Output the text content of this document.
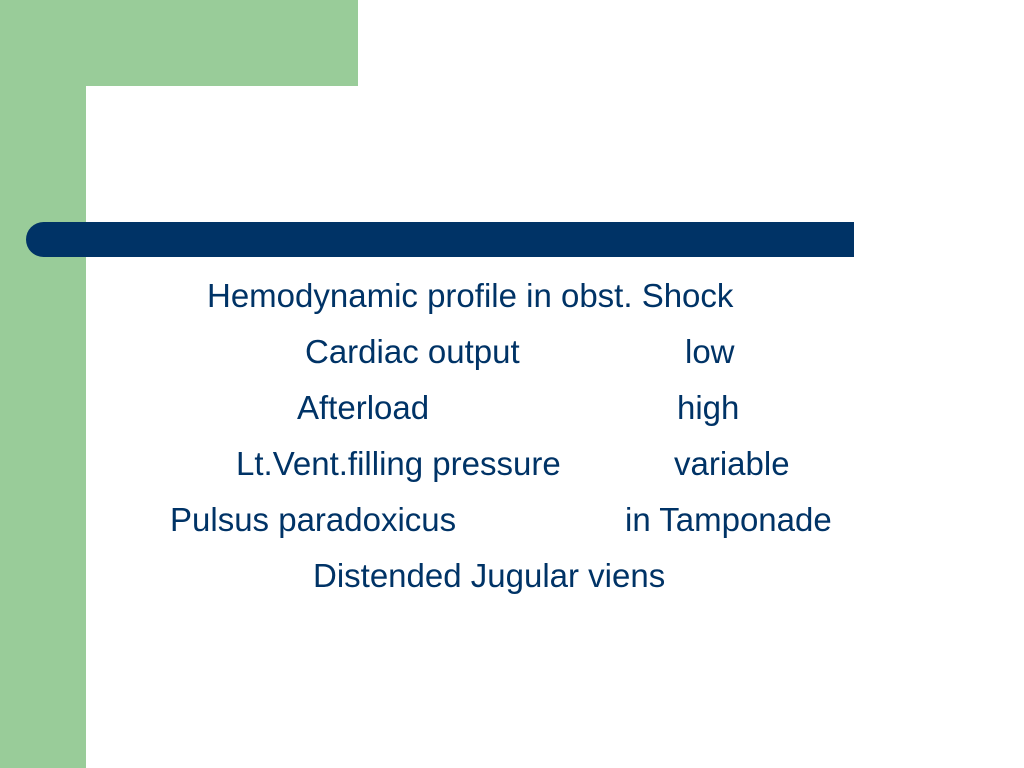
Hemodynamic profile in obst. Shock
Cardiac output	low
Afterload	high
Lt.Vent.filling pressure	variable
Pulsus paradoxicus	in Tamponade
Distended Jugular viens
